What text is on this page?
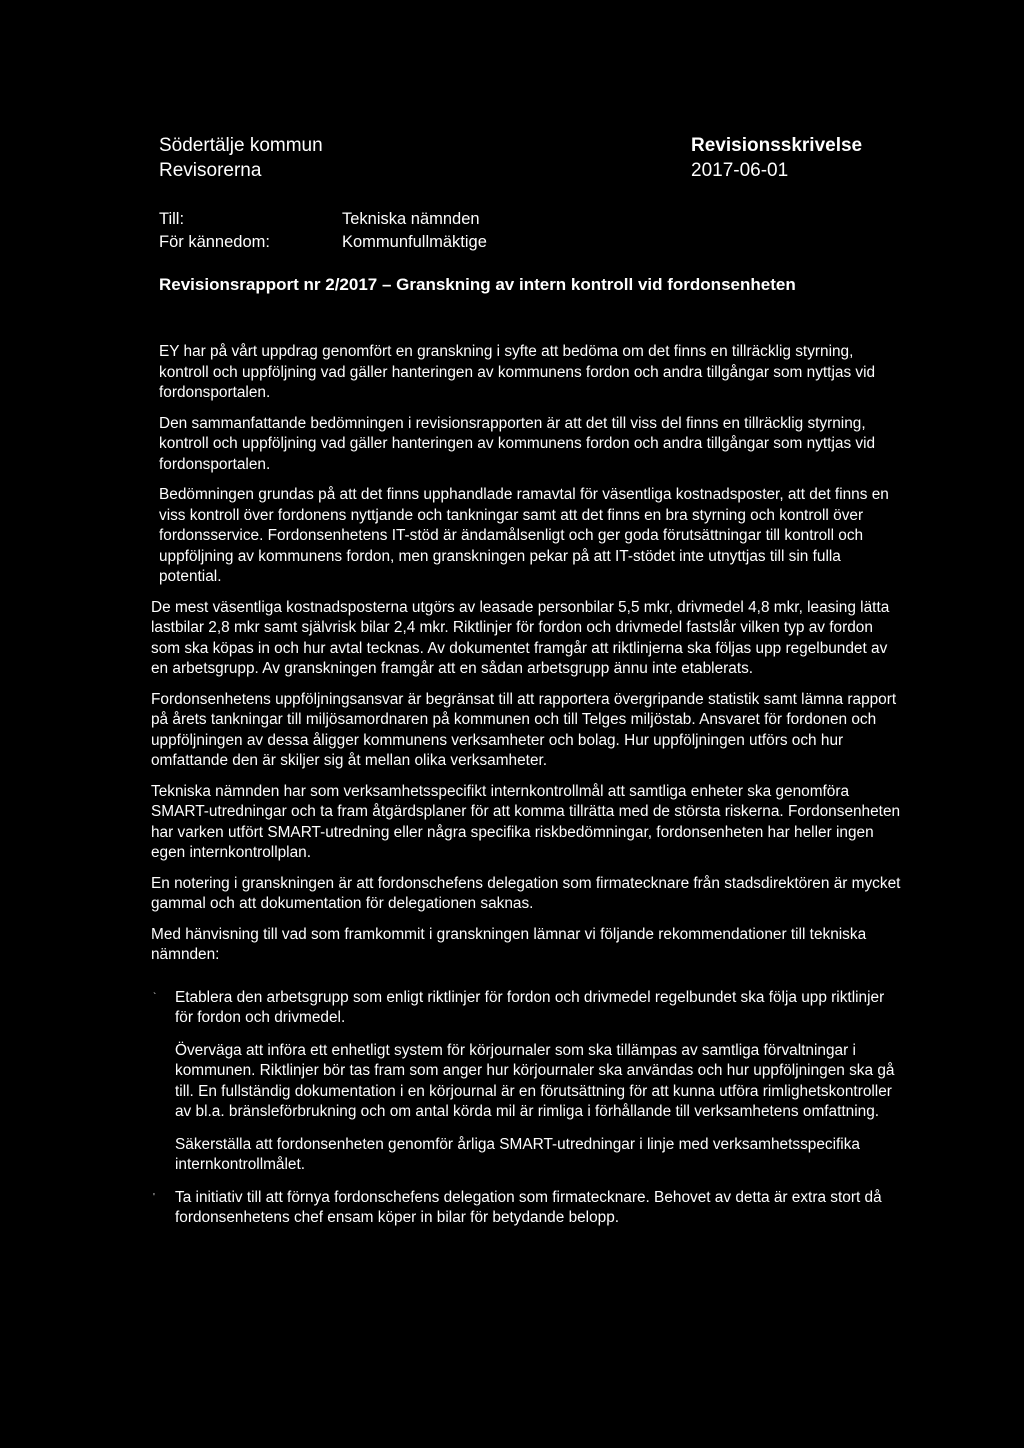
Södertälje kommun
Revisorerna
Revisionsskrivelse
2017-06-01
Till:	Tekniska nämnden
För kännedom:	Kommunfullmäktige
Revisionsrapport nr 2/2017 – Granskning av intern kontroll vid fordonsenheten

EY har på vårt uppdrag genomfört en granskning i syfte att bedöma om det finns en tillräcklig styrning, kontroll och uppföljning vad gäller hanteringen av kommunens fordon och andra tillgångar som nyttjas vid fordonsportalen.

Den sammanfattande bedömningen i revisionsrapporten är att det till viss del finns en tillräcklig styrning, kontroll och uppföljning vad gäller hanteringen av kommunens fordon och andra tillgångar som nyttjas vid fordonsportalen.

Bedömningen grundas på att det finns upphandlade ramavtal för väsentliga kostnadsposter, att det finns en viss kontroll över fordonens nyttjande och tankningar samt att det finns en bra styrning och kontroll över fordonsservice. Fordonsenhetens IT-stöd är ändamålsenligt och ger goda förutsättningar till kontroll och uppföljning av kommunens fordon, men granskningen pekar på att IT-stödet inte utnyttjas till sin fulla potential.

De mest väsentliga kostnadsposterna utgörs av leasade personbilar 5,5 mkr, drivmedel 4,8 mkr, leasing lätta lastbilar 2,8 mkr samt självrisk bilar 2,4 mkr. Riktlinjer för fordon och drivmedel fastslår vilken typ av fordon som ska köpas in och hur avtal tecknas. Av dokumentet framgår att riktlinjerna ska följas upp regelbundet av en arbetsgrupp. Av granskningen framgår att en sådan arbetsgrupp ännu inte etablerats.

Fordonsenhetens uppföljningsansvar är begränsat till att rapportera övergripande statistik samt lämna rapport på årets tankningar till miljösamordnaren på kommunen och till Telges miljöstab. Ansvaret för fordonen och uppföljningen av dessa åligger kommunens verksamheter och bolag. Hur uppföljningen utförs och hur omfattande den är skiljer sig åt mellan olika verksamheter.

Tekniska nämnden har som verksamhetsspecifikt internkontrollmål att samtliga enheter ska genomföra SMART-utredningar och ta fram åtgärdsplaner för att komma tillrätta med de största riskerna. Fordonsenheten har varken utfört SMART-utredning eller några specifika riskbedömningar, fordonsenheten har heller ingen egen internkontrollplan.

En notering i granskningen är att fordonschefens delegation som firmatecknare från stadsdirektören är mycket gammal och att dokumentation för delegationen saknas.

Med hänvisning till vad som framkommit i granskningen lämnar vi följande rekommendationer till tekniska nämnden:

` Etablera den arbetsgrupp som enligt riktlinjer för fordon och drivmedel regelbundet ska följa upp riktlinjer för fordon och drivmedel.
Överväga att införa ett enhetligt system för körjournaler som ska tillämpas av samtliga förvaltningar i kommunen. Riktlinjer bör tas fram som anger hur körjournaler ska användas och hur uppföljningen ska gå till. En fullständig dokumentation i en körjournal är en förutsättning för att kunna utföra rimlighetskontroller av bl.a. bränsleförbrukning och om antal körda mil är rimliga i förhållande till verksamhetens omfattning.
Säkerställa att fordonsenheten genomför årliga SMART-utredningar i linje med verksamhetsspecifika internkontrollmålet.
' Ta initiativ till att förnya fordonschefens delegation som firmatecknare. Behovet av detta är extra stort då fordonsenhetens chef ensam köper in bilar för betydande belopp.
